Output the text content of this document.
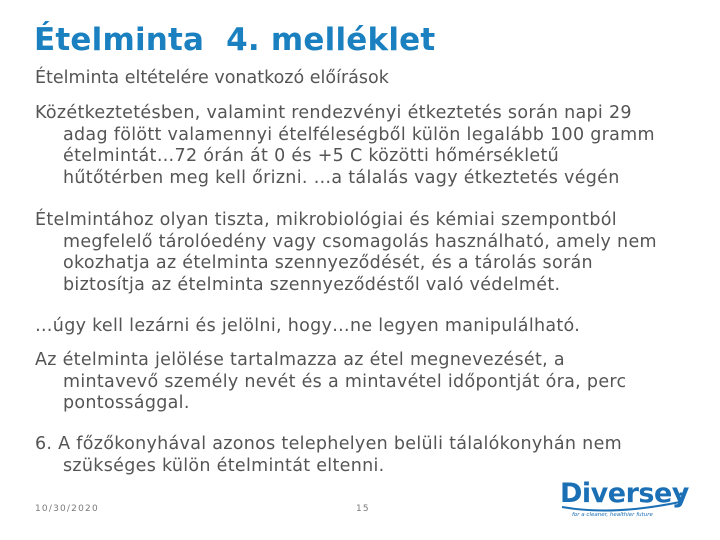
Ételminta  4. melléklet
Ételminta eltételére vonatkozó előírások
Közétkeztetésben, valamint rendezvényi étkeztetés során napi 29
adag fölött valamennyi ételféleségből külön legalább 100 gramm
ételmintát…72 órán át 0 és +5 C közötti hőmérsékletű
hűtőtérben meg kell őrizni. …a tálalás vagy étkeztetés végén
Ételmintához olyan tiszta, mikrobiológiai és kémiai szempontból
megfelelő tárolóedény vagy csomagolás használható, amely nem
okozhatja az ételminta szennyeződését, és a tárolás során
biztosítja az ételminta szennyeződéstől való védelmét.
…úgy kell lezárni és jelölni, hogy…ne legyen manipulálható.
Az ételminta jelölése tartalmazza az étel megnevezését, a
mintavevő személy nevét és a mintavétel időpontját óra, perc
pontossággal.
6. A főzőkonyhával azonos telephelyen belüli tálalókonyhán nem
szükséges külön ételmintát eltenni.
10/30/2020	15	Diversey
for a cleaner, healthier future
